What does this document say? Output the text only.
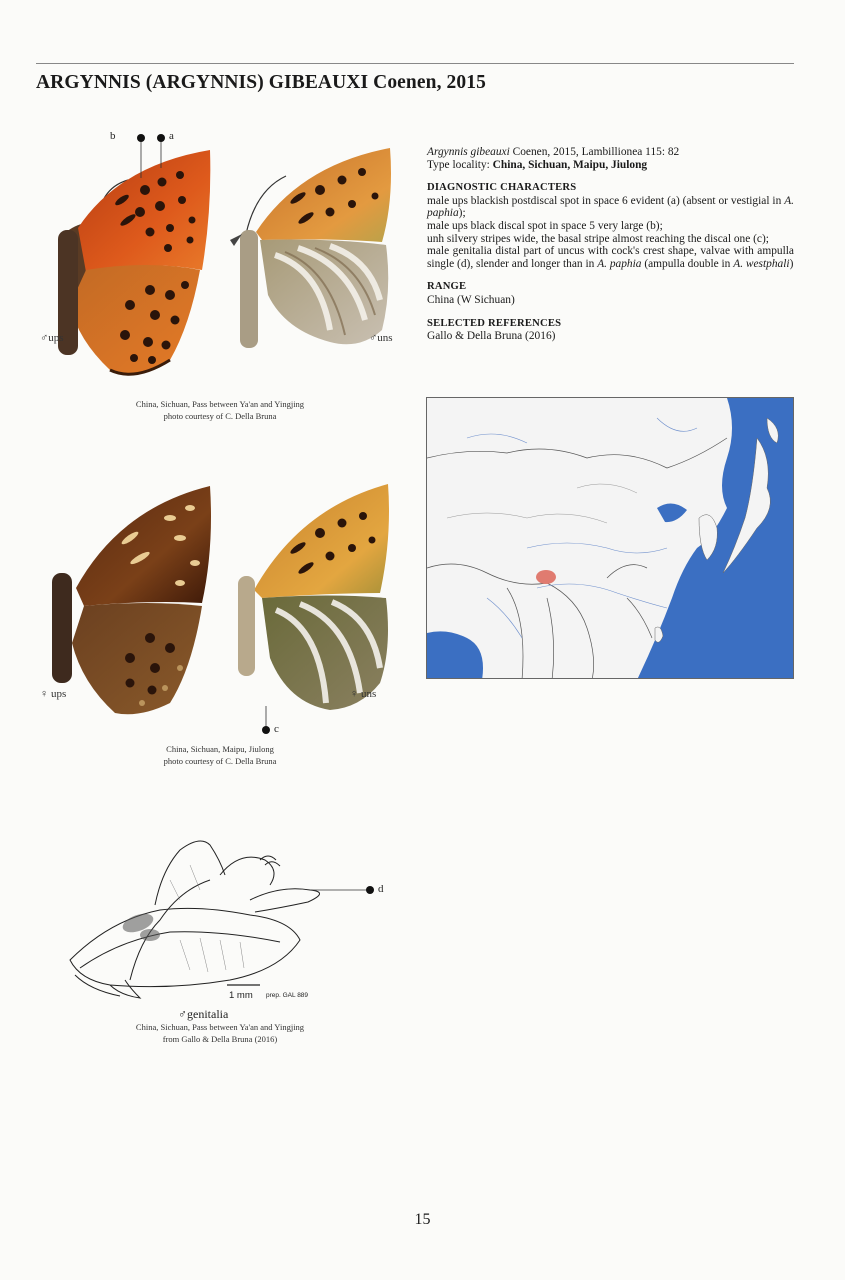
ARGYNNIS (ARGYNNIS) GIBEAUXI Coenen, 2015
b	a
♂ups	♂uns
China, Sichuan, Pass between Ya'an and Yingjing
photo courtesy of C. Della Bruna
♀ ups	♀ uns
c
China, Sichuan, Maipu, Jiulong
photo courtesy of C. Della Bruna
d
1 mm prep. GAL 889
♂genitalia
China, Sichuan, Pass between Ya'an and Yingjing
from Gallo & Della Bruna (2016)

Argynnis gibeauxi Coenen, 2015, Lambillionea 115: 82

Type locality: China, Sichuan, Maipu, Jiulong

DIAGNOSTIC CHARACTERS

male ups blackish postdiscal spot in space 6 evident (a) (absent or vestigial in A. paphia);

male ups black discal spot in space 5 very large (b);

unh silvery stripes wide, the basal stripe almost reaching the discal one (c);

male genitalia distal part of uncus with cock's crest shape, valvae with ampulla single (d), slender and longer than in A. paphia (ampulla double in A. westphali)

RANGE

China (W Sichuan)

SELECTED REFERENCES

Gallo & Della Bruna (2016)

15
